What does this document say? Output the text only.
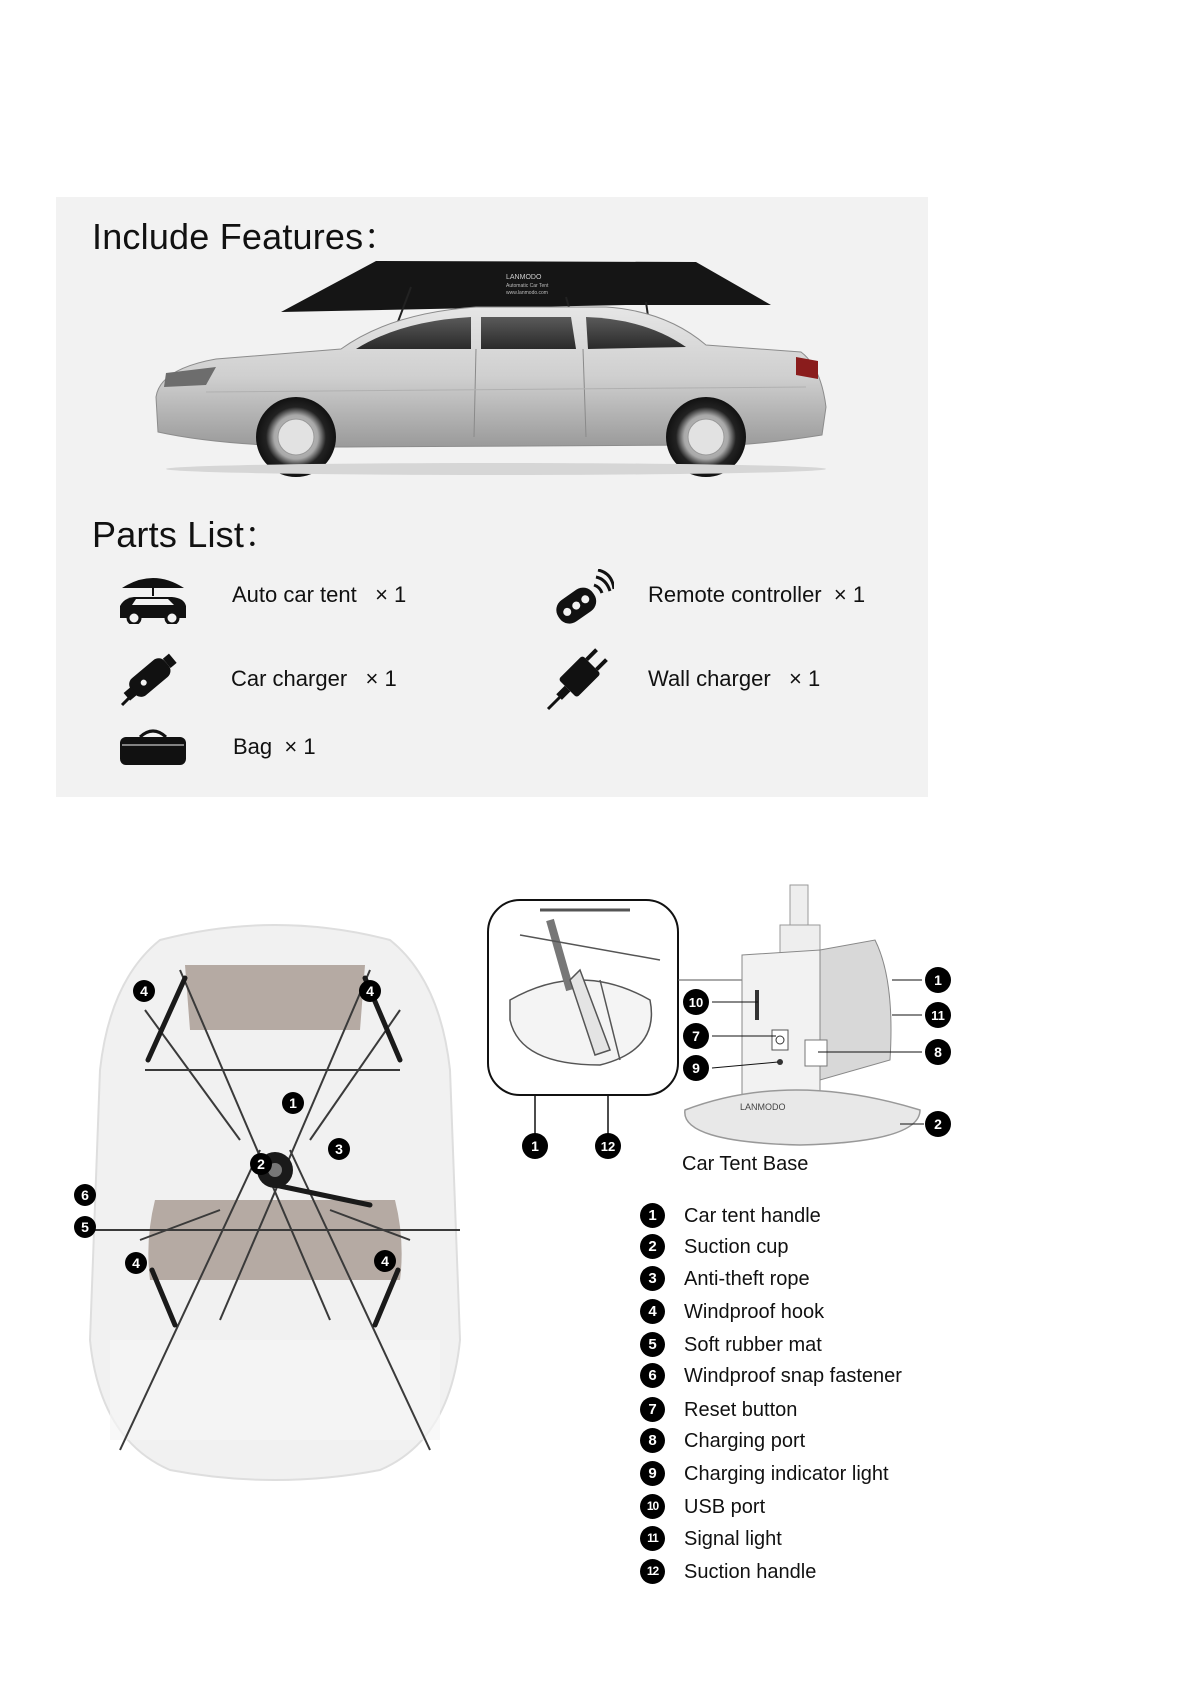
Include Features：
LANMODO
Automatic Car Tent
www.lanmodo.com
Parts List：
Auto car tent × 1	Remote controller × 1
Car charger × 1	Wall charger × 1
Bag × 1
4	4
1
3
2
6
5
4	4
LANMODO
10
7
9
1
11
8
2
1	12
Car Tent Base
1	Car tent handle
2	Suction cup
3	Anti-theft rope
4	Windproof hook
5	Soft rubber mat
6	Windproof snap fastener
7	Reset button
8	Charging port
9	Charging indicator light
10	USB port
11	Signal light
12	Suction handle
